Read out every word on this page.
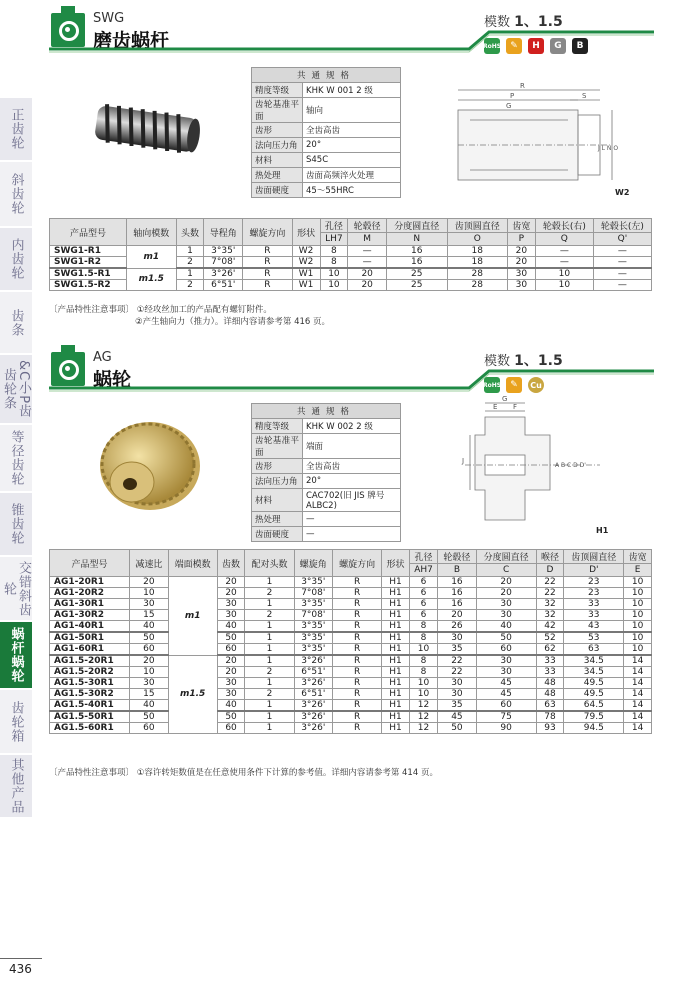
正齿轮
斜齿轮
内齿轮
齿条
&C小P齿齿轮条
等径齿轮
锥齿轮
交错斜齿轮
蜗杆蜗轮
齿轮箱
其他产品
SWG
磨齿蜗杆
模数 1、1.5
RoHS	✎	H	G	B
共通规格	
精度等级	KHK W 001 2 级
齿轮基准平面	轴向
齿形	全齿高齿
法向压力角	20°
材料	S45C
热处理	齿面高频淬火处理
齿面硬度	45～55HRC
R
P	S
G
J L N O
W2
产品型号	轴向模数	头数	导程角	螺旋方向	形状	孔径	轮毂径	分度圆直径	齿顶圆直径	齿宽	轮毂长(右)	轮毂长(左)
						LH7	M	N	O	P	Q	Q'
SWG1-R1	m1	1	3°35'	R	W2	8	—	16	18	20	—	—
SWG1-R2		2	7°08'	R	W2	8	—	16	18	20	—	—
SWG1.5-R1	m1.5	1	3°26'	R	W1	10	20	25	28	30	10	—
SWG1.5-R2		2	6°51'	R	W1	10	20	25	28	30	10	—
〔产品特性注意事项〕 ①经攻丝加工的产品配有螺钉附件。
②产生轴向力（推力）。详细内容请参考第 416 页。
AG
蜗轮
模数 1、1.5
RoHS	✎	Cu
共通规格	
精度等级	KHK W 002 2 级
齿轮基准平面	端面
齿形	全齿高齿
法向压力角	20°
材料	CAC702(旧 JIS 牌号 ALBC2)
热处理	—
齿面硬度	—
G
E F
J
A B C D D'
H1
产品型号	减速比	端面模数	齿数	配对头数	螺旋角	螺旋方向	形状	孔径	轮毂径	分度圆直径	喉径	齿顶圆直径	齿宽
								AH7	B	C	D	D'	E
AG1-20R1	20	m1	20	1	3°35'	R	H1	6	16	20	22	23	10
AG1-20R2	10		20	2	7°08'	R	H1	6	16	20	22	23	10
AG1-30R1	30		30	1	3°35'	R	H1	6	16	30	32	33	10
AG1-30R2	15		30	2	7°08'	R	H1	6	20	30	32	33	10
AG1-40R1	40		40	1	3°35'	R	H1	8	26	40	42	43	10
AG1-50R1	50		50	1	3°35'	R	H1	8	30	50	52	53	10
AG1-60R1	60		60	1	3°35'	R	H1	10	35	60	62	63	10
AG1.5-20R1	20	m1.5	20	1	3°26'	R	H1	8	22	30	33	34.5	14
AG1.5-20R2	10		20	2	6°51'	R	H1	8	22	30	33	34.5	14
AG1.5-30R1	30		30	1	3°26'	R	H1	10	30	45	48	49.5	14
AG1.5-30R2	15		30	2	6°51'	R	H1	10	30	45	48	49.5	14
AG1.5-40R1	40		40	1	3°26'	R	H1	12	35	60	63	64.5	14
AG1.5-50R1	50		50	1	3°26'	R	H1	12	45	75	78	79.5	14
AG1.5-60R1	60		60	1	3°26'	R	H1	12	50	90	93	94.5	14
〔产品特性注意事项〕 ①容许转矩数值是在任意使用条件下计算的参考值。详细内容请参考第 414 页。
436
